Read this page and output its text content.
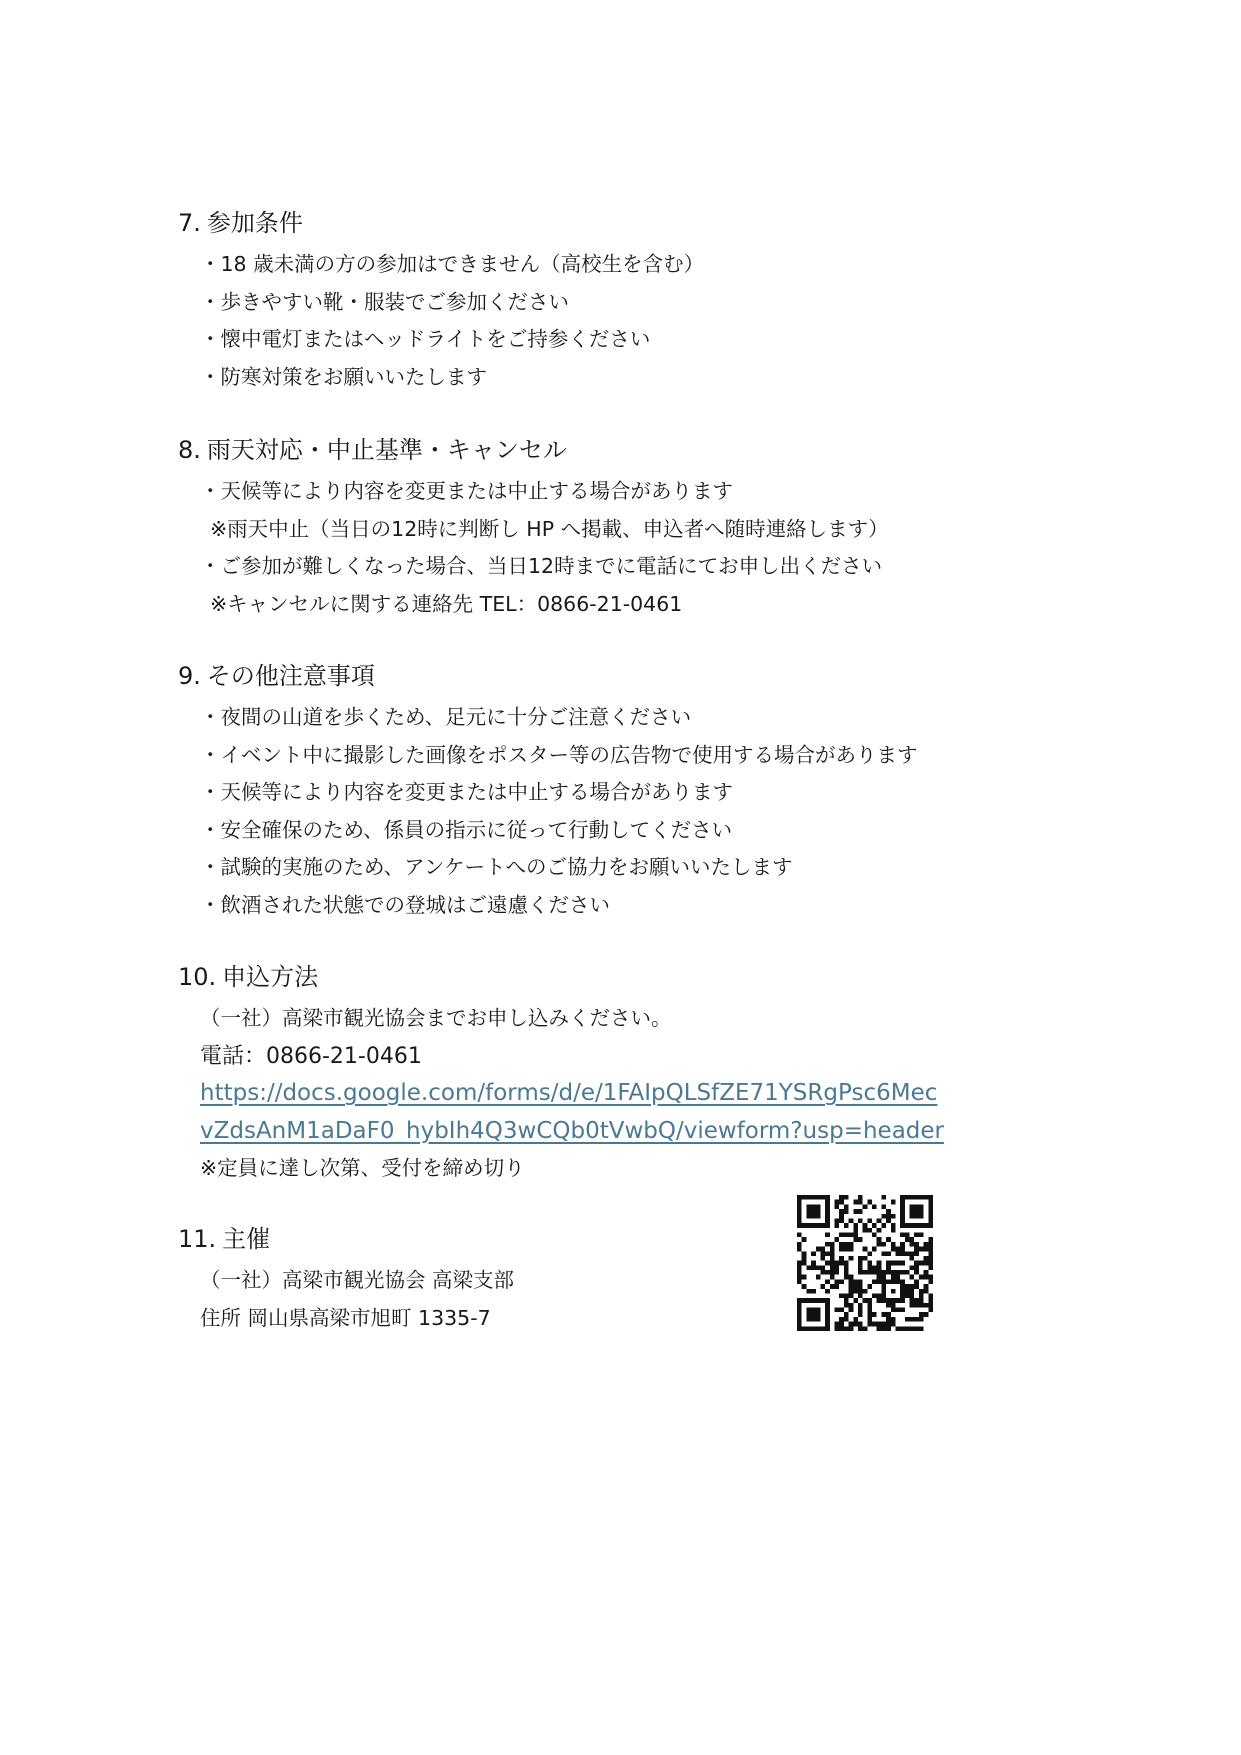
7. 参加条件
・18 歳未満の方の参加はできません（高校生を含む）
・歩きやすい靴・服装でご参加ください
・懐中電灯またはヘッドライトをご持参ください
・防寒対策をお願いいたします
8. 雨天対応・中止基準・キャンセル
・天候等により内容を変更または中止する場合があります
※雨天中止（当日の12時に判断し HP へ掲載、申込者へ随時連絡します）
・ご参加が難しくなった場合、当日12時までに電話にてお申し出ください
※キャンセルに関する連絡先 TEL：0866-21-0461
9. その他注意事項
・夜間の山道を歩くため、足元に十分ご注意ください
・イベント中に撮影した画像をポスター等の広告物で使用する場合があります
・天候等により内容を変更または中止する場合があります
・安全確保のため、係員の指示に従って行動してください
・試験的実施のため、アンケートへのご協力をお願いいたします
・飲酒された状態での登城はご遠慮ください
10. 申込方法
（一社）高梁市観光協会までお申し込みください。
電話：0866-21-0461
https://docs.google.com/forms/d/e/1FAIpQLSfZE71YSRgPsc6Mec
vZdsAnM1aDaF0_hybIh4Q3wCQb0tVwbQ/viewform?usp=header
※定員に達し次第、受付を締め切り
11. 主催
（一社）高梁市観光協会 高梁支部
住所 岡山県高梁市旭町 1335-7
